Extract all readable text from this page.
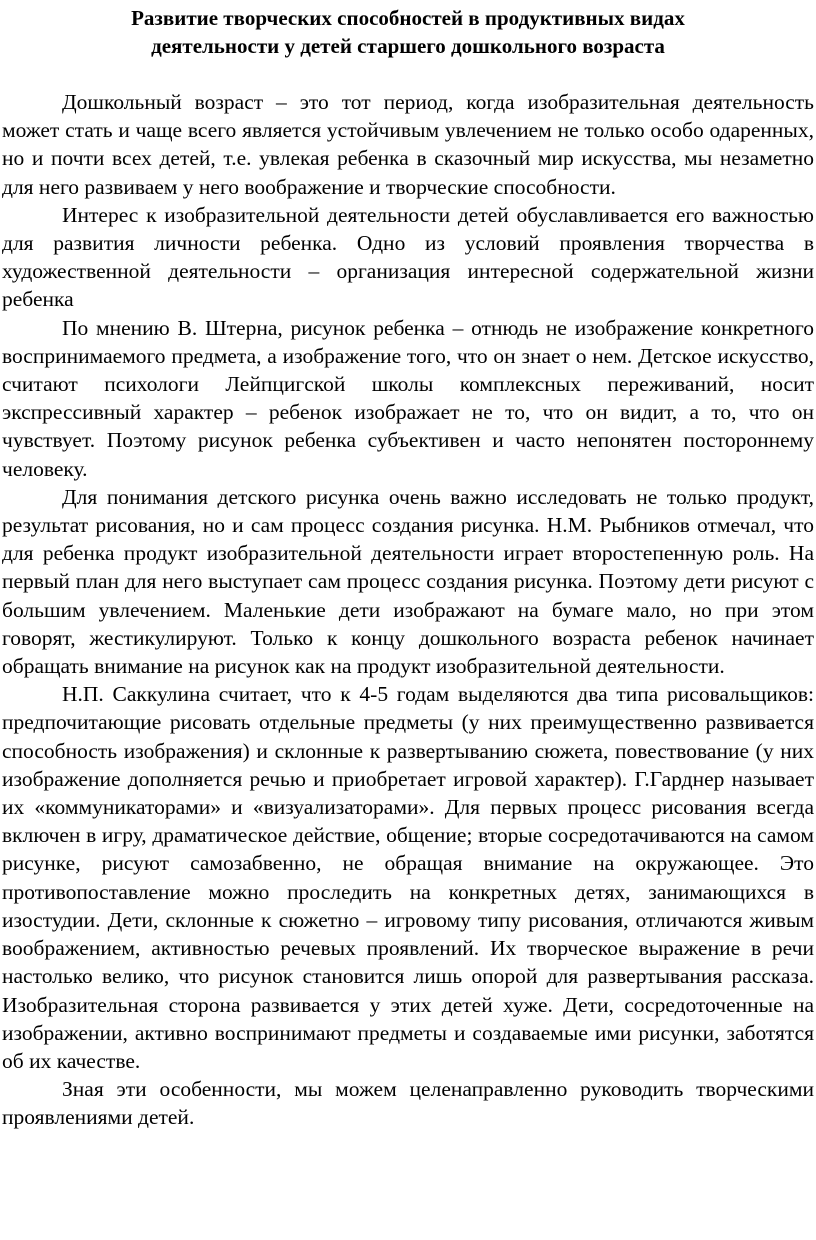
Развитие творческих способностей в продуктивных видах
деятельности у детей старшего дошкольного возраста

Дошкольный возраст – это тот период, когда изобразительная деятельность может стать и чаще всего является устойчивым увлечением не только особо одаренных, но и почти всех детей, т.е. увлекая ребенка в сказочный мир искусства, мы незаметно для него развиваем у него воображение и творческие способности.

Интерес к изобразительной деятельности детей обуславливается его важностью для развития личности ребенка. Одно из условий проявления творчества в художественной деятельности – организация интересной содержательной жизни ребенка

По мнению В. Штерна, рисунок ребенка – отнюдь не изображение конкретного воспринимаемого предмета, а изображение того, что он знает о нем. Детское искусство, считают психологи Лейпцигской школы комплексных переживаний, носит экспрессивный характер – ребенок изображает не то, что он видит, а то, что он чувствует. Поэтому рисунок ребенка субъективен и часто непонятен постороннему человеку.

Для понимания детского рисунка очень важно исследовать не только продукт, результат рисования, но и сам процесс создания рисунка. Н.М. Рыбников отмечал, что для ребенка продукт изобразительной деятельности играет второстепенную роль. На первый план для него выступает сам процесс создания рисунка. Поэтому дети рисуют с большим увлечением. Маленькие дети изображают на бумаге мало, но при этом говорят, жестикулируют. Только к концу дошкольного возраста ребенок начинает обращать внимание на рисунок как на продукт изобразительной деятельности.

Н.П. Саккулина считает, что к 4-5 годам выделяются два типа рисовальщиков: предпочитающие рисовать отдельные предметы (у них преимущественно развивается способность изображения) и склонные к развертыванию сюжета, повествование (у них изображение дополняется речью и приобретает игровой характер). Г.Гарднер называет их «коммуникаторами» и «визуализаторами». Для первых процесс рисования всегда включен в игру, драматическое действие, общение; вторые сосредотачиваются на самом рисунке, рисуют самозабвенно, не обращая внимание на окружающее. Это противопоставление можно проследить на конкретных детях, занимающихся в изостудии. Дети, склонные к сюжетно – игровому типу рисования, отличаются живым воображением, активностью речевых проявлений. Их творческое выражение в речи настолько велико, что рисунок становится лишь опорой для развертывания рассказа. Изобразительная сторона развивается у этих детей хуже. Дети, сосредоточенные на изображении, активно воспринимают предметы и создаваемые ими рисунки, заботятся об их качестве.

Зная эти особенности, мы можем целенаправленно руководить творческими проявлениями детей.
